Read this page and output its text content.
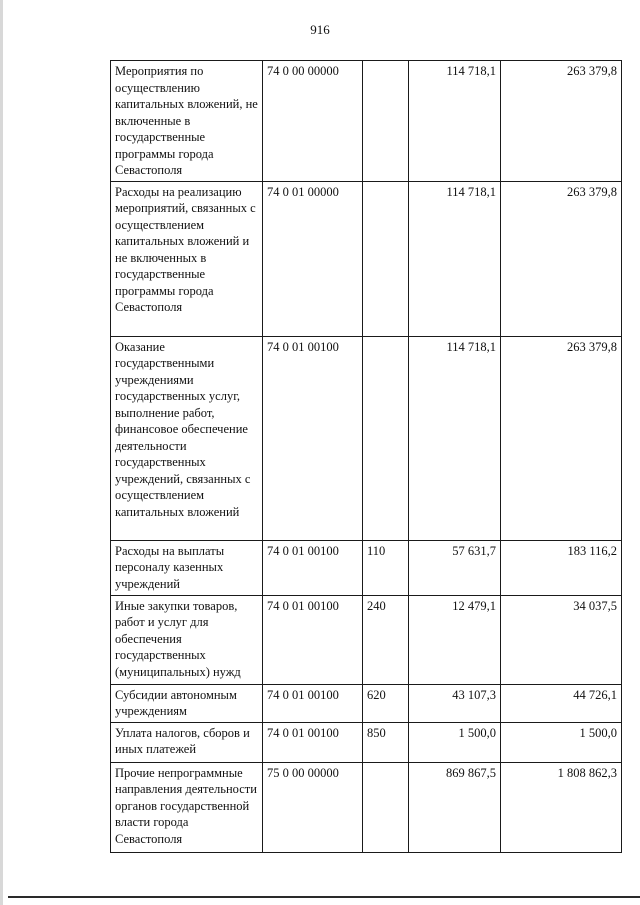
916
Мероприятия по осуществлению капитальных вложений, не включенные в государственные программы города Севастополя	74 0 00 00000		114 718,1	263 379,8
Расходы на реализацию мероприятий, связанных с осуществлением капитальных вложений и не включенных в государственные программы города Севастополя	74 0 01 00000		114 718,1	263 379,8
Оказание государственными учреждениями государственных услуг, выполнение работ, финансовое обеспечение деятельности государственных учреждений, связанных с осуществлением капитальных вложений	74 0 01 00100		114 718,1	263 379,8
Расходы на выплаты персоналу казенных учреждений	74 0 01 00100	110	57 631,7	183 116,2
Иные закупки товаров, работ и услуг для обеспечения государственных (муниципальных) нужд	74 0 01 00100	240	12 479,1	34 037,5
Субсидии автономным учреждениям	74 0 01 00100	620	43 107,3	44 726,1
Уплата налогов, сборов и иных платежей	74 0 01 00100	850	1 500,0	1 500,0
Прочие непрограммные направления деятельности органов государственной власти города Севастополя	75 0 00 00000		869 867,5	1 808 862,3
